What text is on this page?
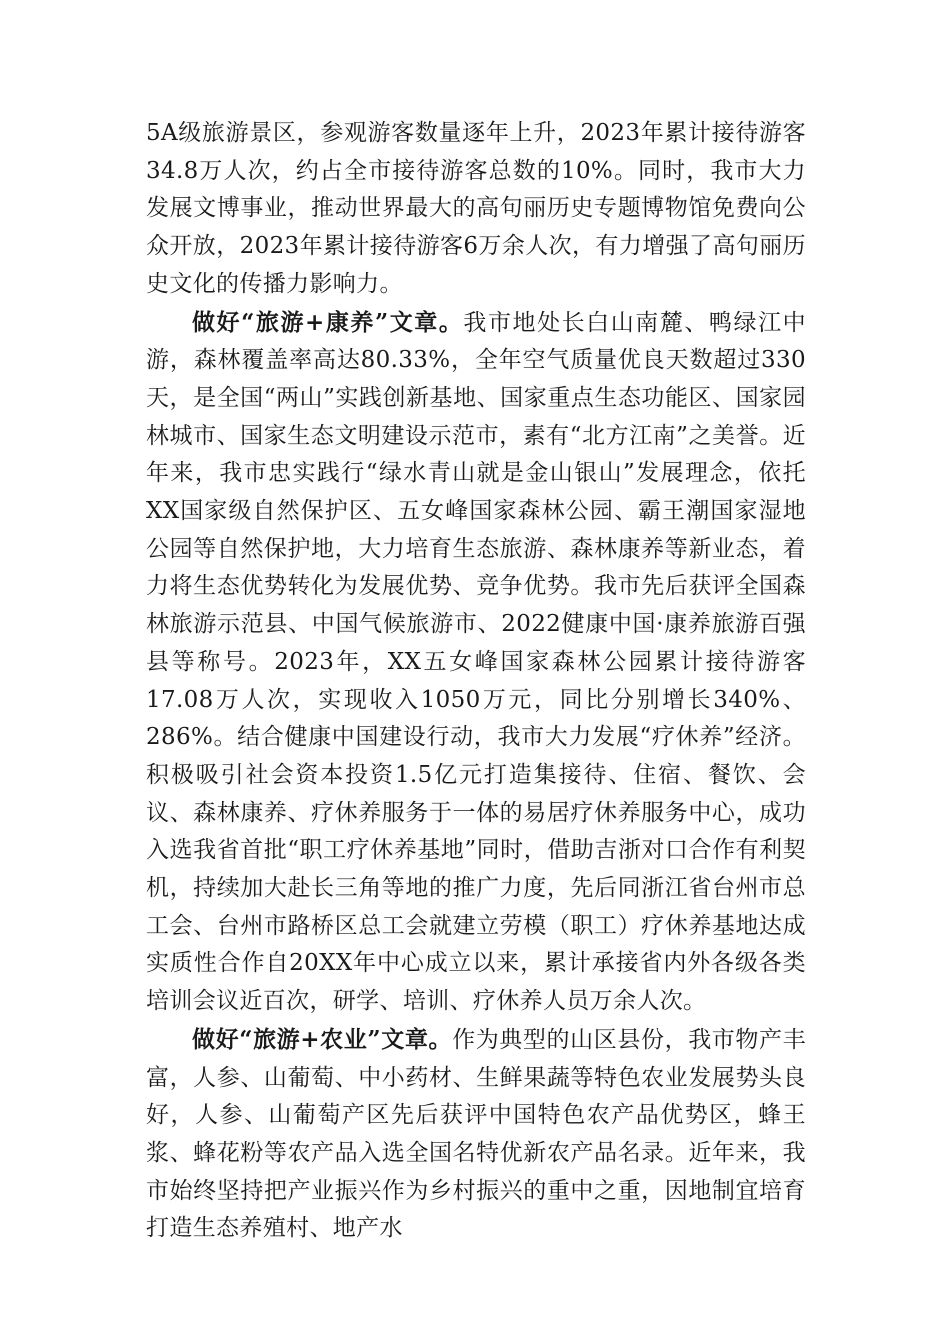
5A级旅游景区，参观游客数量逐年上升，2023年累计接待游客34.8万人次，约占全市接待游客总数的10%。同时，我市大力发展文博事业，推动世界最大的高句丽历史专题博物馆免费向公众开放，2023年累计接待游客6万余人次，有力增强了高句丽历史文化的传播力影响力。

做好“旅游+康养”文章。我市地处长白山南麓、鸭绿江中游，森林覆盖率高达80.33%，全年空气质量优良天数超过330天，是全国“两山”实践创新基地、国家重点生态功能区、国家园林城市、国家生态文明建设示范市，素有“北方江南”之美誉。近年来，我市忠实践行“绿水青山就是金山银山”发展理念，依托XX国家级自然保护区、五女峰国家森林公园、霸王潮国家湿地公园等自然保护地，大力培育生态旅游、森林康养等新业态，着力将生态优势转化为发展优势、竞争优势。我市先后获评全国森林旅游示范县、中国气候旅游市、2022健康中国·康养旅游百强县等称号。2023年，XX五女峰国家森林公园累计接待游客17.08万人次，实现收入1050万元，同比分别增长340%、286%。结合健康中国建设行动，我市大力发展“疗休养”经济。积极吸引社会资本投资1.5亿元打造集接待、住宿、餐饮、会议、森林康养、疗休养服务于一体的易居疗休养服务中心，成功入选我省首批“职工疗休养基地”同时，借助吉浙对口合作有利契机，持续加大赴长三角等地的推广力度，先后同浙江省台州市总工会、台州市路桥区总工会就建立劳模（职工）疗休养基地达成实质性合作自20XX年中心成立以来，累计承接省内外各级各类培训会议近百次，研学、培训、疗休养人员万余人次。

做好“旅游+农业”文章。作为典型的山区县份，我市物产丰富，人参、山葡萄、中小药材、生鲜果蔬等特色农业发展势头良好，人参、山葡萄产区先后获评中国特色农产品优势区，蜂王浆、蜂花粉等农产品入选全国名特优新农产品名录。近年来，我市始终坚持把产业振兴作为乡村振兴的重中之重，因地制宜培育打造生态养殖村、地产水
